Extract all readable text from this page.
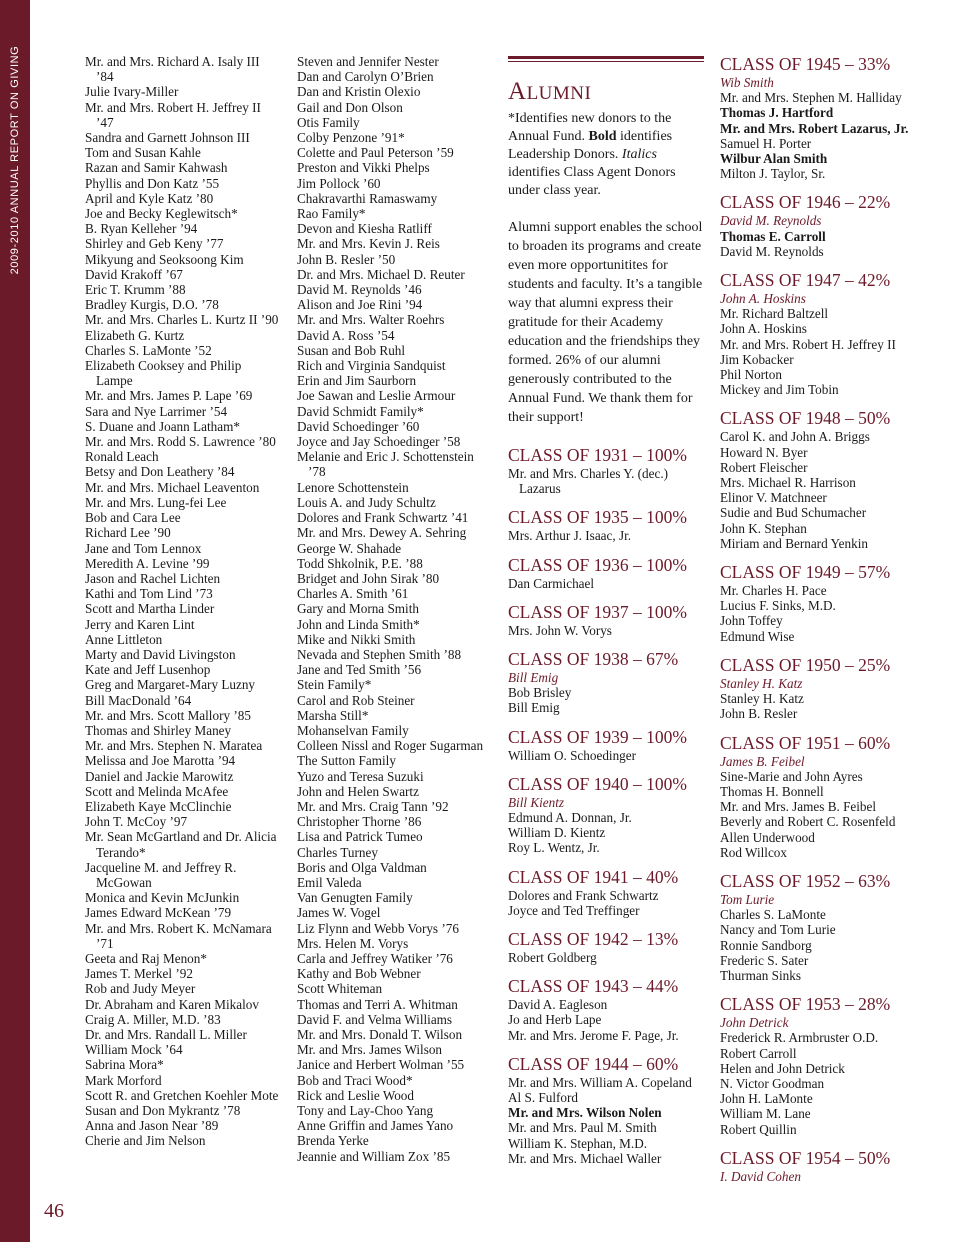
2009-2010 ANNUAL REPORT ON GIVING
46
Mr. and Mrs. Richard A. Isaly III ’84
Julie Ivary-Miller
Mr. and Mrs. Robert H. Jeffrey II ’47
Sandra and Garnett Johnson III
Tom and Susan Kahle
Razan and Samir Kahwash
Phyllis and Don Katz ’55
April and Kyle Katz ’80
Joe and Becky Keglewitsch*
B. Ryan Kelleher ’94
Shirley and Geb Keny ’77
Mikyung and Seoksoong Kim
David Krakoff ’67
Eric T. Krumm ’88
Bradley Kurgis, D.O. ’78
Mr. and Mrs. Charles L. Kurtz II ’90
Elizabeth G. Kurtz
Charles S. LaMonte ’52
Elizabeth Cooksey and Philip Lampe
Mr. and Mrs. James P. Lape ’69
Sara and Nye Larrimer ’54
S. Duane and Joann Latham*
Mr. and Mrs. Rodd S. Lawrence ’80
Ronald Leach
Betsy and Don Leathery ’84
Mr. and Mrs. Michael Leaventon
Mr. and Mrs. Lung-fei Lee
Bob and Cara Lee
Richard Lee ’90
Jane and Tom Lennox
Meredith A. Levine ’99
Jason and Rachel Lichten
Kathi and Tom Lind ’73
Scott and Martha Linder
Jerry and Karen Lint
Anne Littleton
Marty and David Livingston
Kate and Jeff Lusenhop
Greg and Margaret-Mary Luzny
Bill MacDonald ’64
Mr. and Mrs. Scott Mallory ’85
Thomas and Shirley Maney
Mr. and Mrs. Stephen N. Maratea
Melissa and Joe Marotta ’94
Daniel and Jackie Marowitz
Scott and Melinda McAfee
Elizabeth Kaye McClinchie
John T. McCoy ’97
Mr. Sean McGartland and Dr. Alicia Terando*
Jacqueline M. and Jeffrey R. McGowan
Monica and Kevin McJunkin
James Edward McKean ’79
Mr. and Mrs. Robert K. McNamara ’71
Geeta and Raj Menon*
James T. Merkel ’92
Rob and Judy Meyer
Dr. Abraham and Karen Mikalov
Craig A. Miller, M.D. ’83
Dr. and Mrs. Randall L. Miller
William Mock ’64
Sabrina Mora*
Mark Morford
Scott R. and Gretchen Koehler Mote
Susan and Don Mykrantz ’78
Anna and Jason Near ’89
Cherie and Jim Nelson
Steven and Jennifer Nester
Dan and Carolyn O’Brien
Dan and Kristin Olexio
Gail and Don Olson
Otis Family
Colby Penzone ’91*
Colette and Paul Peterson ’59
Preston and Vikki Phelps
Jim Pollock ’60
Chakravarthi Ramaswamy
Rao Family*
Devon and Kiesha Ratliff
Mr. and Mrs. Kevin J. Reis
John B. Resler ’50
Dr. and Mrs. Michael D. Reuter
David M. Reynolds ’46
Alison and Joe Rini ’94
Mr. and Mrs. Walter Roehrs
David A. Ross ’54
Susan and Bob Ruhl
Rich and Virginia Sandquist
Erin and Jim Saurborn
Joe Sawan and Leslie Armour
David Schmidt Family*
David Schoedinger ’60
Joyce and Jay Schoedinger ’58
Melanie and Eric J. Schottenstein ’78
Lenore Schottenstein
Louis A. and Judy Schultz
Dolores and Frank Schwartz ’41
Mr. and Mrs. Dewey A. Sehring
George W. Shahade
Todd Shkolnik, P.E. ’88
Bridget and John Sirak ’80
Charles A. Smith ’61
Gary and Morna Smith
John and Linda Smith*
Mike and Nikki Smith
Nevada and Stephen Smith ’88
Jane and Ted Smith ’56
Stein Family*
Carol and Rob Steiner
Marsha Still*
Mohanselvan Family
Colleen Nissl and Roger Sugarman
The Sutton Family
Yuzo and Teresa Suzuki
John and Helen Swartz
Mr. and Mrs. Craig Tann ’92
Christopher Thorne ’86
Lisa and Patrick Tumeo
Charles Turney
Boris and Olga Valdman
Emil Valeda
Van Genugten Family
James W. Vogel
Liz Flynn and Webb Vorys ’76
Mrs. Helen M. Vorys
Carla and Jeffrey Watiker ’76
Kathy and Bob Webner
Scott Whiteman
Thomas and Terri A. Whitman
David F. and Velma Williams
Mr. and Mrs. Donald T. Wilson
Mr. and Mrs. James Wilson
Janice and Herbert Wolman ’55
Bob and Traci Wood*
Rick and Leslie Wood
Tony and Lay-Choo Yang
Anne Griffin and James Yano
Brenda Yerke
Jeannie and William Zox ’85
ALUMNI
*Identifies new donors to the Annual Fund. Bold identifies Leadership Donors. Italics identifies Class Agent Donors under class year.
Alumni support enables the school to broaden its programs and create even more opportunitites for students and faculty. It’s a tangible way that alumni express their gratitude for their Academy education and the friendships they formed. 26% of our alumni generously contributed to the Annual Fund. We thank them for their support!
CLASS OF 1931 – 100%
Mr. and Mrs. Charles Y. (dec.) Lazarus
CLASS OF 1935 – 100%
Mrs. Arthur J. Isaac, Jr.
CLASS OF 1936 – 100%
Dan Carmichael
CLASS OF 1937 – 100%
Mrs. John W. Vorys
CLASS OF 1938 – 67%
Bill Emig
Bob Brisley
Bill Emig
CLASS OF 1939 – 100%
William O. Schoedinger
CLASS OF 1940 – 100%
Bill Kientz
Edmund A. Donnan, Jr.
William D. Kientz
Roy L. Wentz, Jr.
CLASS OF 1941 – 40%
Dolores and Frank Schwartz
Joyce and Ted Treffinger
CLASS OF 1942 – 13%
Robert Goldberg
CLASS OF 1943 – 44%
David A. Eagleson
Jo and Herb Lape
Mr. and Mrs. Jerome F. Page, Jr.
CLASS OF 1944 – 60%
Mr. and Mrs. William A. Copeland
Al S. Fulford
Mr. and Mrs. Wilson Nolen
Mr. and Mrs. Paul M. Smith
William K. Stephan, M.D.
Mr. and Mrs. Michael Waller
CLASS OF 1945 – 33%
Wib Smith
Mr. and Mrs. Stephen M. Halliday
Thomas J. Hartford
Mr. and Mrs. Robert Lazarus, Jr.
Samuel H. Porter
Wilbur Alan Smith
Milton J. Taylor, Sr.
CLASS OF 1946 – 22%
David M. Reynolds
Thomas E. Carroll
David M. Reynolds
CLASS OF 1947 – 42%
John A. Hoskins
Mr. Richard Baltzell
John A. Hoskins
Mr. and Mrs. Robert H. Jeffrey II
Jim Kobacker
Phil Norton
Mickey and Jim Tobin
CLASS OF 1948 – 50%
Carol K. and John A. Briggs
Howard N. Byer
Robert Fleischer
Mrs. Michael R. Harrison
Elinor V. Matchneer
Sudie and Bud Schumacher
John K. Stephan
Miriam and Bernard Yenkin
CLASS OF 1949 – 57%
Mr. Charles H. Pace
Lucius F. Sinks, M.D.
John Toffey
Edmund Wise
CLASS OF 1950 – 25%
Stanley H. Katz
Stanley H. Katz
John B. Resler
CLASS OF 1951 – 60%
James B. Feibel
Sine-Marie and John Ayres
Thomas H. Bonnell
Mr. and Mrs. James B. Feibel
Beverly and Robert C. Rosenfeld
Allen Underwood
Rod Willcox
CLASS OF 1952 – 63%
Tom Lurie
Charles S. LaMonte
Nancy and Tom Lurie
Ronnie Sandborg
Frederic S. Sater
Thurman Sinks
CLASS OF 1953 – 28%
John Detrick
Frederick R. Armbruster O.D.
Robert Carroll
Helen and John Detrick
N. Victor Goodman
John H. LaMonte
William M. Lane
Robert Quillin
CLASS OF 1954 – 50%
I. David Cohen
